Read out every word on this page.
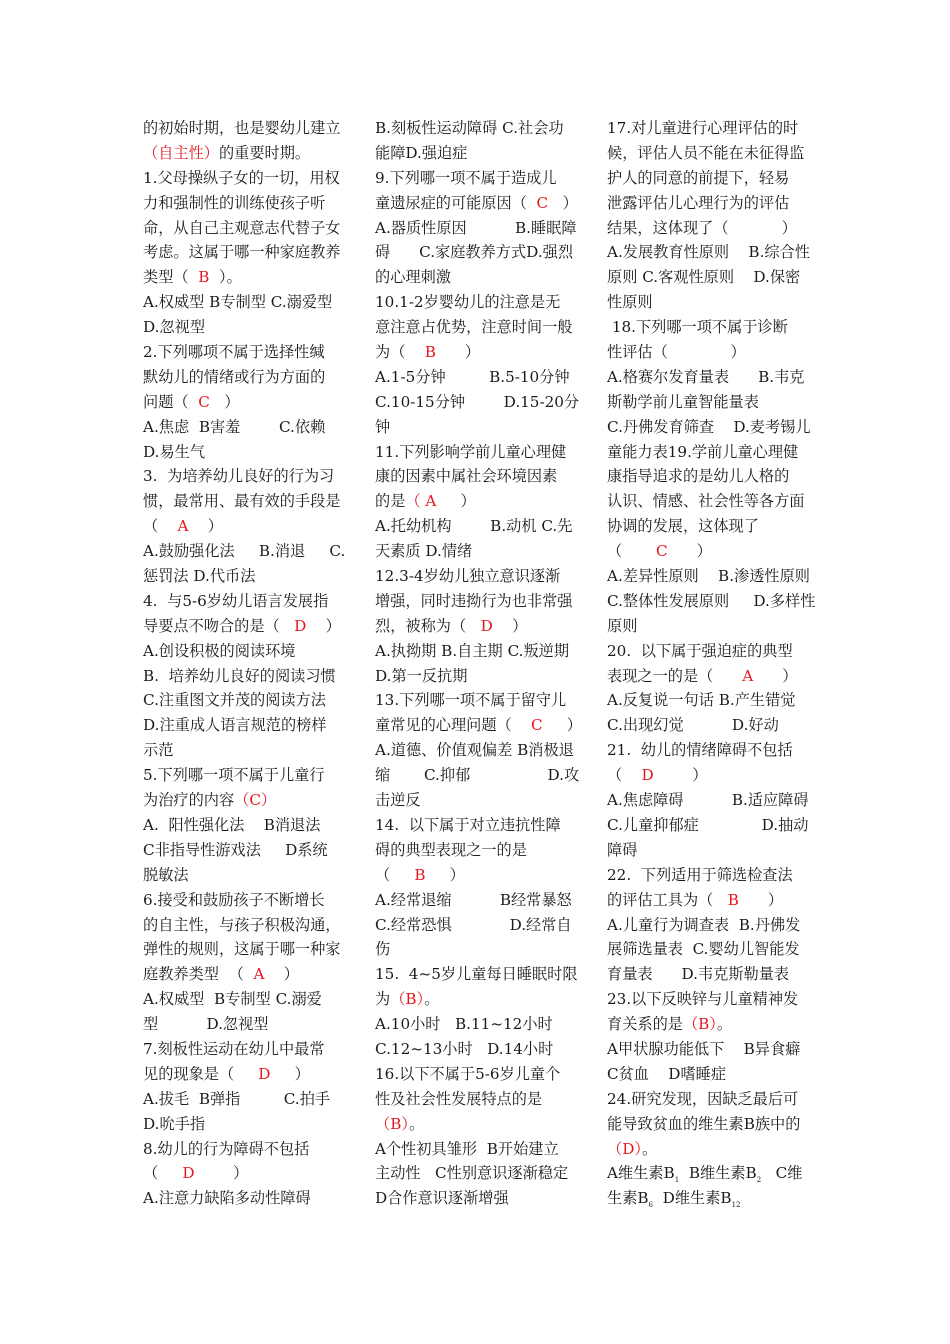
的初始时期，也是婴幼儿建立
（自主性）的重要时期。
1.父母操纵子女的一切，用权
力和强制性的训练使孩子听
命，从自己主观意志代替子女
考虑。这属于哪一种家庭教养
类型（  B  ）。
A.权威型 B专制型 C.溺爱型
D.忽视型
2.下列哪项不属于选择性缄
默幼儿的情绪或行为方面的
问题（  C   ）
A.焦虑  B害羞        C.依赖
D.易生气
3.  为培养幼儿良好的行为习
惯，最常用、最有效的手段是
（    A    ）
A.鼓励强化法     B.消退     C.
惩罚法 D.代币法
4.  与5-6岁幼儿语言发展指
导要点不吻合的是（   D    ）
A.创设积极的阅读环境
B.  培养幼儿良好的阅读习惯
C.注重图文并茂的阅读方法
D.注重成人语言规范的榜样
示范
5.下列哪一项不属于儿童行
为治疗的内容（C）
A.  阳性强化法    B消退法
C非指导性游戏法     D系统
脱敏法
6.接受和鼓励孩子不断增长
的自主性，与孩子积极沟通，
弹性的规则，这属于哪一种家
庭教养类型  （  A    ）
A.权威型  B专制型 C.溺爱
型          D.忽视型
7.刻板性运动在幼儿中最常
见的现象是（     D     ）
A.拔毛  B弹指         C.拍手
D.吮手指
8.幼儿的行为障碍不包括
（     D        ）
A.注意力缺陷多动性障碍
B.刻板性运动障碍 C.社会功
能障D.强迫症
9.下列哪一项不属于造成儿
童遗尿症的可能原因（  C   ）
A.器质性原因          B.睡眠障
碍      C.家庭教养方式D.强烈
的心理刺激
10.1-2岁婴幼儿的注意是无
意注意占优势，注意时间一般
为（    B      ）
A.1-5分钟         B.5-10分钟
C.10-15分钟        D.15-20分
钟
11.下列影响学前儿童心理健
康的因素中属社会环境因素
的是（ A     ）
A.托幼机构        B.动机 C.先
天素质 D.情绪
12.3-4岁幼儿独立意识逐渐
增强，同时违拗行为也非常强
烈，被称为（   D    ）
A.执拗期 B.自主期 C.叛逆期
D.第一反抗期
13.下列哪一项不属于留守儿
童常见的心理问题（    C     ）
A.道德、价值观偏差 B消极退
缩       C.抑郁                D.攻
击逆反
14.  以下属于对立违抗性障
碍的典型表现之一的是
（     B     ）
A.经常退缩          B经常暴怒
C.经常恐惧            D.经常自
伤
15.  4~5岁儿童每日睡眠时限
为（B）。
A.10小时   B.11~12小时
C.12~13小时   D.14小时
16.以下不属于5-6岁儿童个
性及社会性发展特点的是
（B）。
A个性初具雏形  B开始建立
主动性   C性别意识逐渐稳定
D合作意识逐渐增强
17.对儿童进行心理评估的时
候，评估人员不能在未征得监
护人的同意的前提下，轻易
泄露评估儿心理行为的评估
结果，这体现了（           ）
A.发展教育性原则    B.综合性
原则 C.客观性原则    D.保密
性原则
18.下列哪一项不属于诊断
性评估（             ）
A.格赛尔发育量表      B.韦克
斯勒学前儿童智能量表
C.丹佛发育筛查    D.麦考锡儿
童能力表19.学前儿童心理健
康指导追求的是幼儿人格的
认识、情感、社会性等各方面
协调的发展，这体现了
（       C      ）
A.差异性原则    B.渗透性原则
C.整体性发展原则     D.多样性
原则
20.  以下属于强迫症的典型
表现之一的是（      A      ）
A.反复说一句话 B.产生错觉
C.出现幻觉          D.好动
21.  幼儿的情绪障碍不包括
（    D        ）
A.焦虑障碍          B.适应障碍
C.儿童抑郁症             D.抽动
障碍
22.  下列适用于筛选检查法
的评估工具为（   B      ）
A.儿童行为调查表  B.丹佛发
展筛选量表  C.婴幼儿智能发
育量表      D.韦克斯勒量表
23.以下反映锌与儿童精神发
育关系的是（B）。
A甲状腺功能低下    B异食癖
C贫血    D嗜睡症
24.研究发现，因缺乏最后可
能导致贫血的维生素B族中的
（D）。
A维生素$B_1$  B维生素$B_2$   C维
生素$B_6$  D维生素$B_{12}$
